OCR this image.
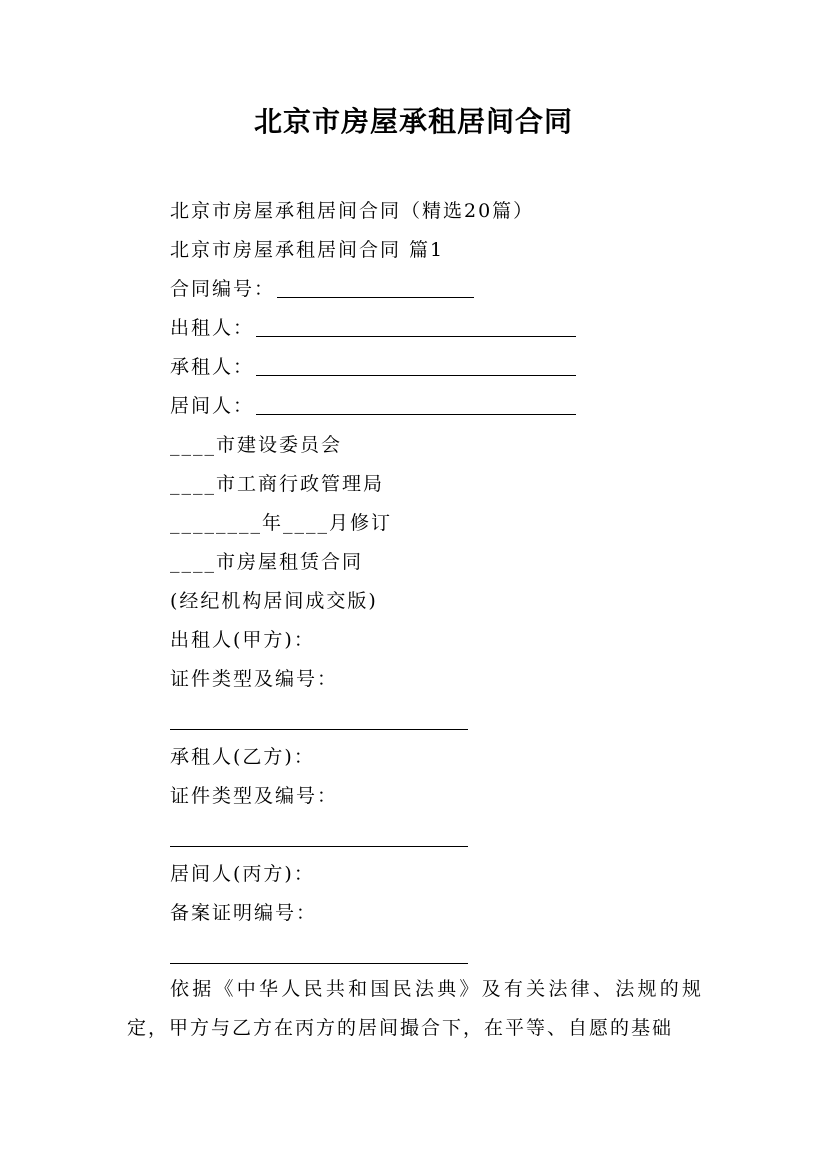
北京市房屋承租居间合同
北京市房屋承租居间合同（精选20篇）
北京市房屋承租居间合同 篇1
合同编号：
出租人：
承租人：
居间人：
____市建设委员会
____市工商行政管理局
________年____月修订
____市房屋租赁合同
(经纪机构居间成交版)
出租人(甲方)：
证件类型及编号：
承租人(乙方)：
证件类型及编号：
居间人(丙方)：
备案证明编号：
依据《中华人民共和国民法典》及有关法律、法规的规定，甲方与乙方在丙方的居间撮合下，在平等、自愿的基础
